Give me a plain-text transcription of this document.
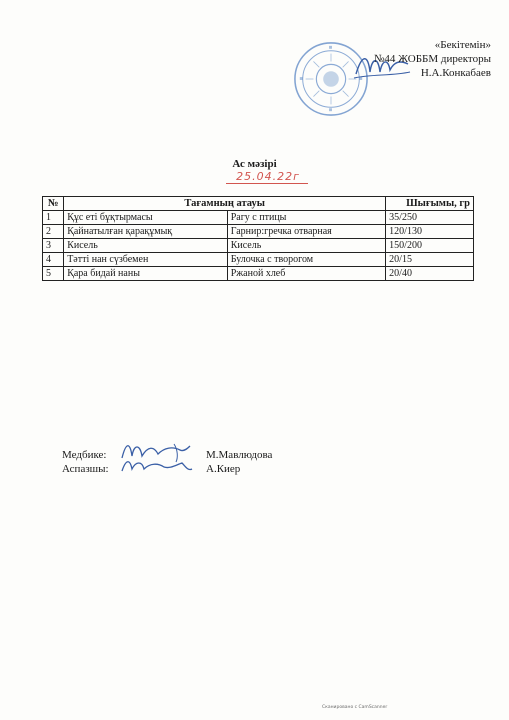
«Бекітемін»
№44 ЖОББМ директоры
Н.А.Конкабаев
Ас мәзірі
25.04.22г
№	Тағамның атауы		Шығымы, гр
1	Құс еті бұқтырмасы	Рагу с птицы	35/250
2	Қайнатылған қарақұмық	Гарнир:гречка отварная	120/130
3	Кисель	Кисель	150/200
4	Тәтті нан сүзбемен	Булочка с творогом	20/15
5	Қара бидай наны	Ржаной хлеб	20/40
Медбике:	М.Мавлюдова
Аспазшы:	А.Киер
Сканировано с CamScanner
